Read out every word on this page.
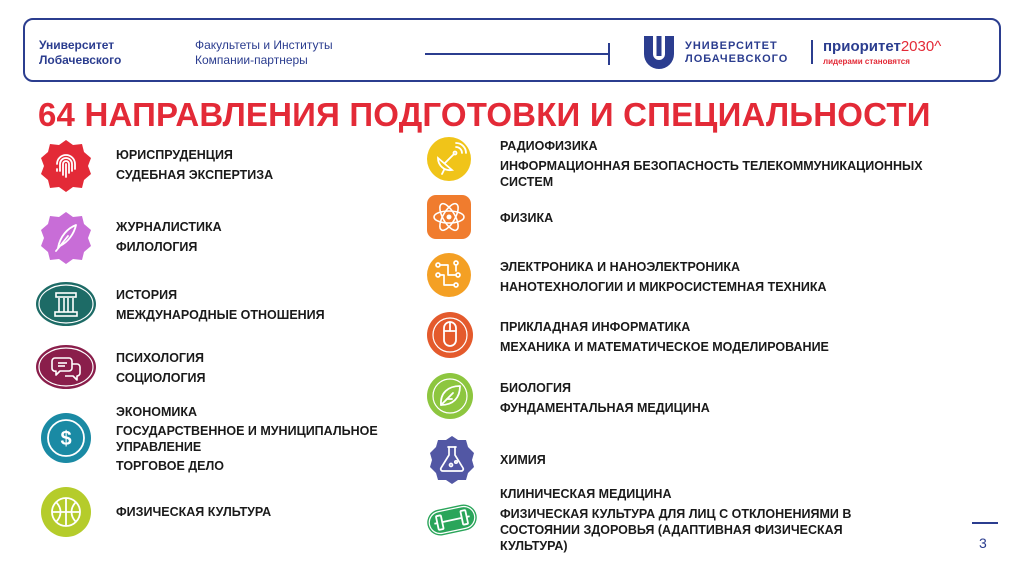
Университет
Лобачевского
Факультеты и Институты
Компании-партнеры
УНИВЕРСИТЕТ
ЛОБАЧЕВСКОГО
приоритет2030^
лидерами становятся
64 НАПРАВЛЕНИЯ ПОДГОТОВКИ И СПЕЦИАЛЬНОСТИ
ЮРИСПРУДЕНЦИЯ
СУДЕБНАЯ ЭКСПЕРТИЗА
ЖУРНАЛИСТИКА
ФИЛОЛОГИЯ
ИСТОРИЯ
МЕЖДУНАРОДНЫЕ ОТНОШЕНИЯ
ПСИХОЛОГИЯ
СОЦИОЛОГИЯ
$
ЭКОНОМИКА
ГОСУДАРСТВЕННОЕ И МУНИЦИПАЛЬНОЕ УПРАВЛЕНИЕ
ТОРГОВОЕ ДЕЛО
ФИЗИЧЕСКАЯ КУЛЬТУРА
РАДИОФИЗИКА
ИНФОРМАЦИОННАЯ БЕЗОПАСНОСТЬ ТЕЛЕКОММУНИКАЦИОННЫХ СИСТЕМ
ФИЗИКА
ЭЛЕКТРОНИКА И НАНОЭЛЕКТРОНИКА
НАНОТЕХНОЛОГИИ И МИКРОСИСТЕМНАЯ ТЕХНИКА
ПРИКЛАДНАЯ ИНФОРМАТИКА
МЕХАНИКА И МАТЕМАТИЧЕСКОЕ МОДЕЛИРОВАНИЕ
БИОЛОГИЯ
ФУНДАМЕНТАЛЬНАЯ МЕДИЦИНА
ХИМИЯ
КЛИНИЧЕСКАЯ МЕДИЦИНА
ФИЗИЧЕСКАЯ КУЛЬТУРА ДЛЯ ЛИЦ С ОТКЛОНЕНИЯМИ В СОСТОЯНИИ ЗДОРОВЬЯ (АДАПТИВНАЯ ФИЗИЧЕСКАЯ КУЛЬТУРА)	3
